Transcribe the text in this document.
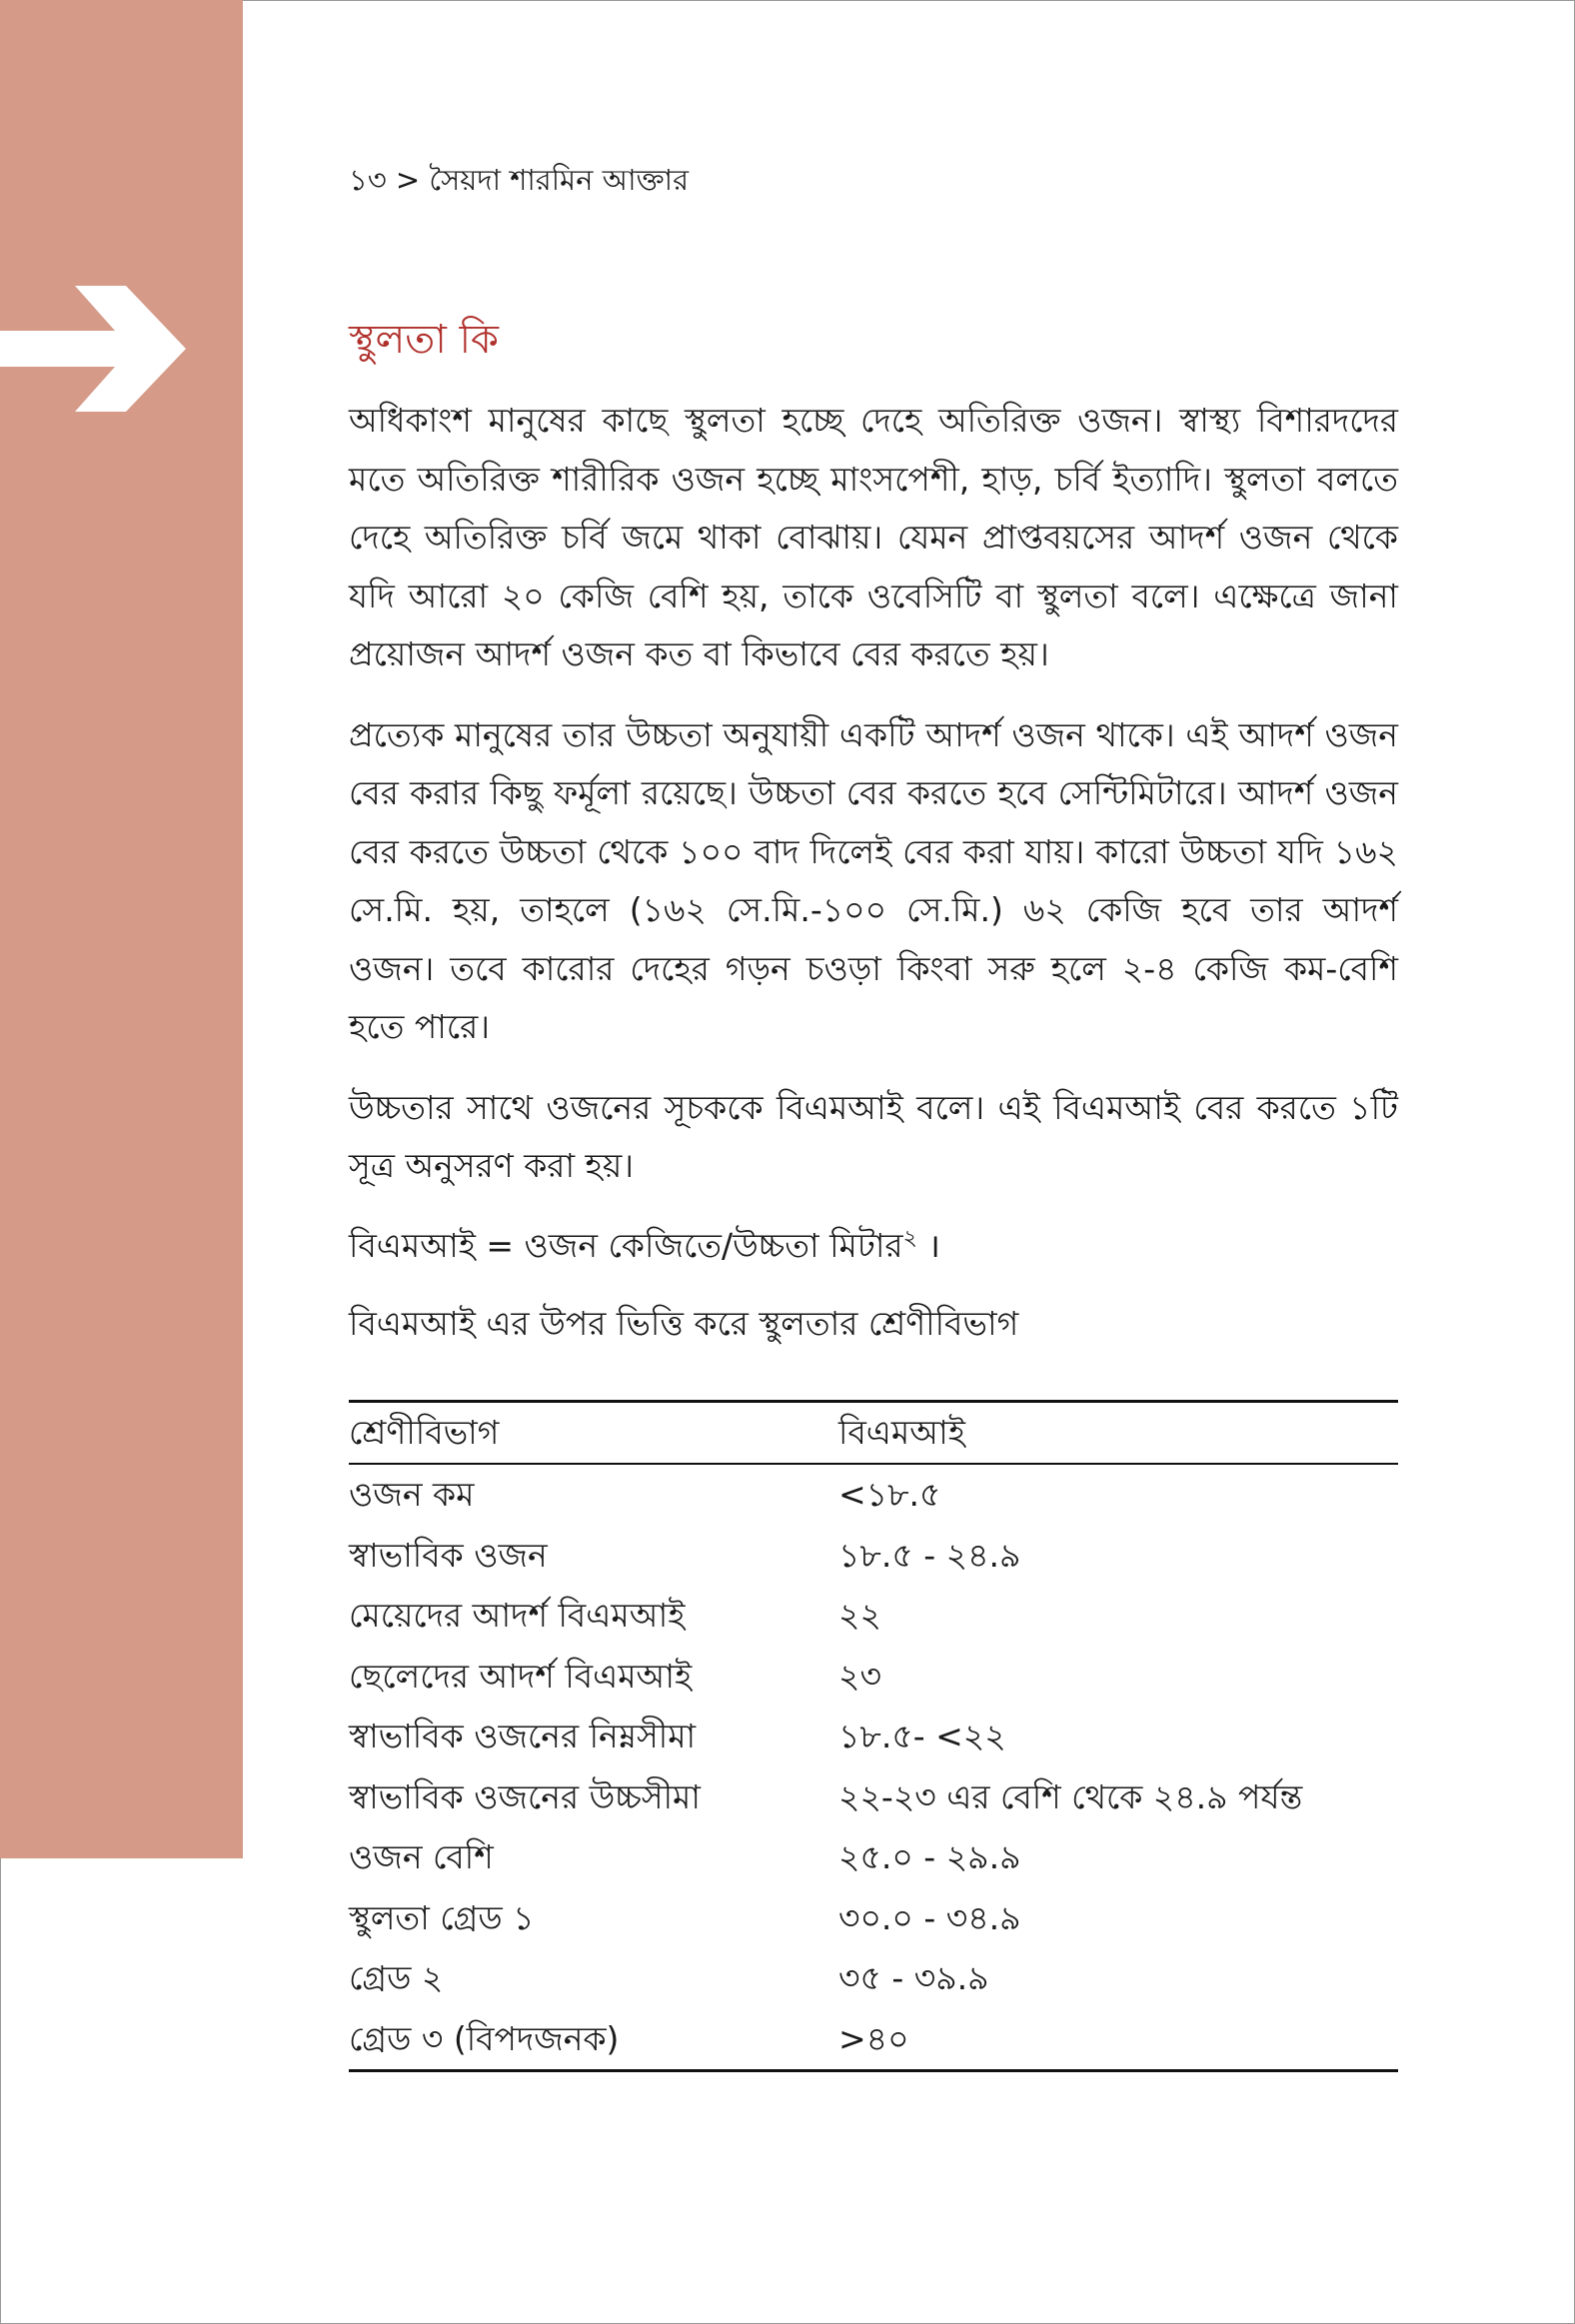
১৩ > সৈয়দা শারমিন আক্তার
স্থুলতা কি

অধিকাংশ মানুষের কাছে স্থুলতা হচ্ছে দেহে অতিরিক্ত ওজন। স্বাস্থ্য বিশারদদের মতে অতিরিক্ত শারীরিক ওজন হচ্ছে মাংসপেশী, হাড়, চর্বি ইত্যাদি। স্থুলতা বলতে দেহে অতিরিক্ত চর্বি জমে থাকা বোঝায়। যেমন প্রাপ্তবয়সের আদর্শ ওজন থেকে যদি আরো ২০ কেজি বেশি হয়, তাকে ওবেসিটি বা স্থুলতা বলে। এক্ষেত্রে জানা প্রয়োজন আদর্শ ওজন কত বা কিভাবে বের করতে হয়।

প্রত্যেক মানুষের তার উচ্চতা অনুযায়ী একটি আদর্শ ওজন থাকে। এই আদর্শ ওজন বের করার কিছু ফর্মূলা রয়েছে। উচ্চতা বের করতে হবে সেন্টিমিটারে। আদর্শ ওজন বের করতে উচ্চতা থেকে ১০০ বাদ দিলেই বের করা যায়। কারো উচ্চতা যদি ১৬২ সে.মি. হয়, তাহলে (১৬২ সে.মি.-১০০ সে.মি.) ৬২ কেজি হবে তার আদর্শ ওজন। তবে কারোর দেহের গড়ন চওড়া কিংবা সরু হলে ২-৪ কেজি কম-বেশি হতে পারে।

উচ্চতার সাথে ওজনের সূচককে বিএমআই বলে। এই বিএমআই বের করতে ১টি সূত্র অনুসরণ করা হয়।

বিএমআই = ওজন কেজিতে/উচ্চতা মিটার$^২$ ।

বিএমআই এর উপর ভিত্তি করে স্থুলতার শ্রেণীবিভাগ

শ্রেণীবিভাগ	বিএমআই
ওজন কম	<১৮.৫
স্বাভাবিক ওজন	১৮.৫ - ২৪.৯
মেয়েদের আদর্শ বিএমআই	২২
ছেলেদের আদর্শ বিএমআই	২৩
স্বাভাবিক ওজনের নিম্নসীমা	১৮.৫- <২২
স্বাভাবিক ওজনের উচ্চসীমা	২২-২৩ এর বেশি থেকে ২৪.৯ পর্যন্ত
ওজন বেশি	২৫.০ - ২৯.৯
স্থুলতা গ্রেড ১	৩০.০ - ৩৪.৯
গ্রেড ২	৩৫ - ৩৯.৯
গ্রেড ৩ (বিপদজনক)	>৪০
